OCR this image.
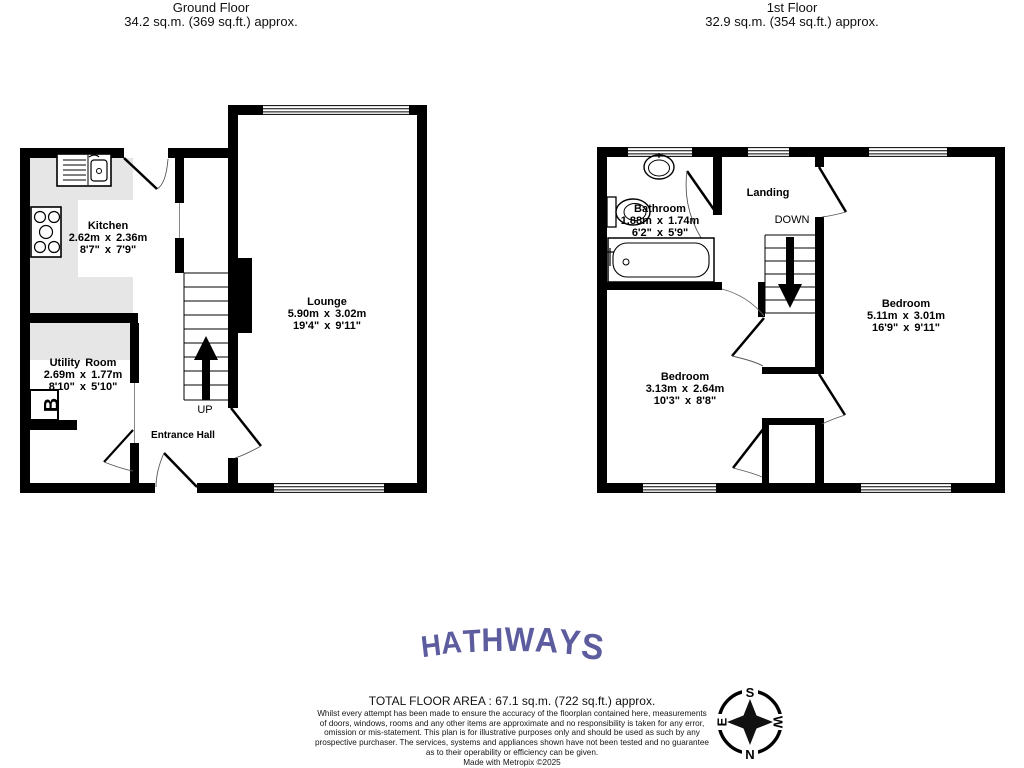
B
S
N
E	W
Ground Floor
34.2 sq.m. (369 sq.ft.) approx.
1st Floor
32.9 sq.m. (354 sq.ft.) approx.
Kitchen
2.62m x 2.36m
8'7" x 7'9"
Lounge
5.90m x 3.02m
19'4" x 9'11"
Utility Room
2.69m x 1.77m
8'10" x 5'10"
UP
Entrance Hall
Bathroom
1.88m x 1.74m
6'2" x 5'9"
Landing
DOWN
Bedroom
3.13m x 2.64m
10'3" x 8'8"
Bedroom
5.11m x 3.01m
16'9" x 9'11"
H
A
T H W A
Y
S
TOTAL FLOOR AREA : 67.1 sq.m. (722 sq.ft.) approx.
Whilst every attempt has been made to ensure the accuracy of the floorplan contained here, measurements
of doors, windows, rooms and any other items are approximate and no responsibility is taken for any error,
omission or mis-statement. This plan is for illustrative purposes only and should be used as such by any
prospective purchaser. The services, systems and appliances shown have not been tested and no guarantee
as to their operability or efficiency can be given.
Made with Metropix ©2025
